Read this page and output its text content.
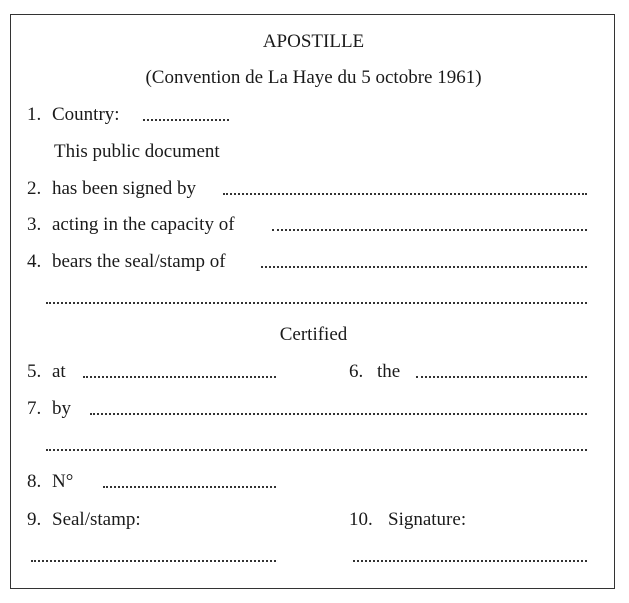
APOSTILLE
(Convention de La Haye du 5 octobre 1961)
1. Country:
This public document
2. has been signed by
3. acting in the capacity of
4. bears the seal/stamp of
Certified
5. at	6. the
7. by
8. N°
9. Seal/stamp:	10. Signature:
